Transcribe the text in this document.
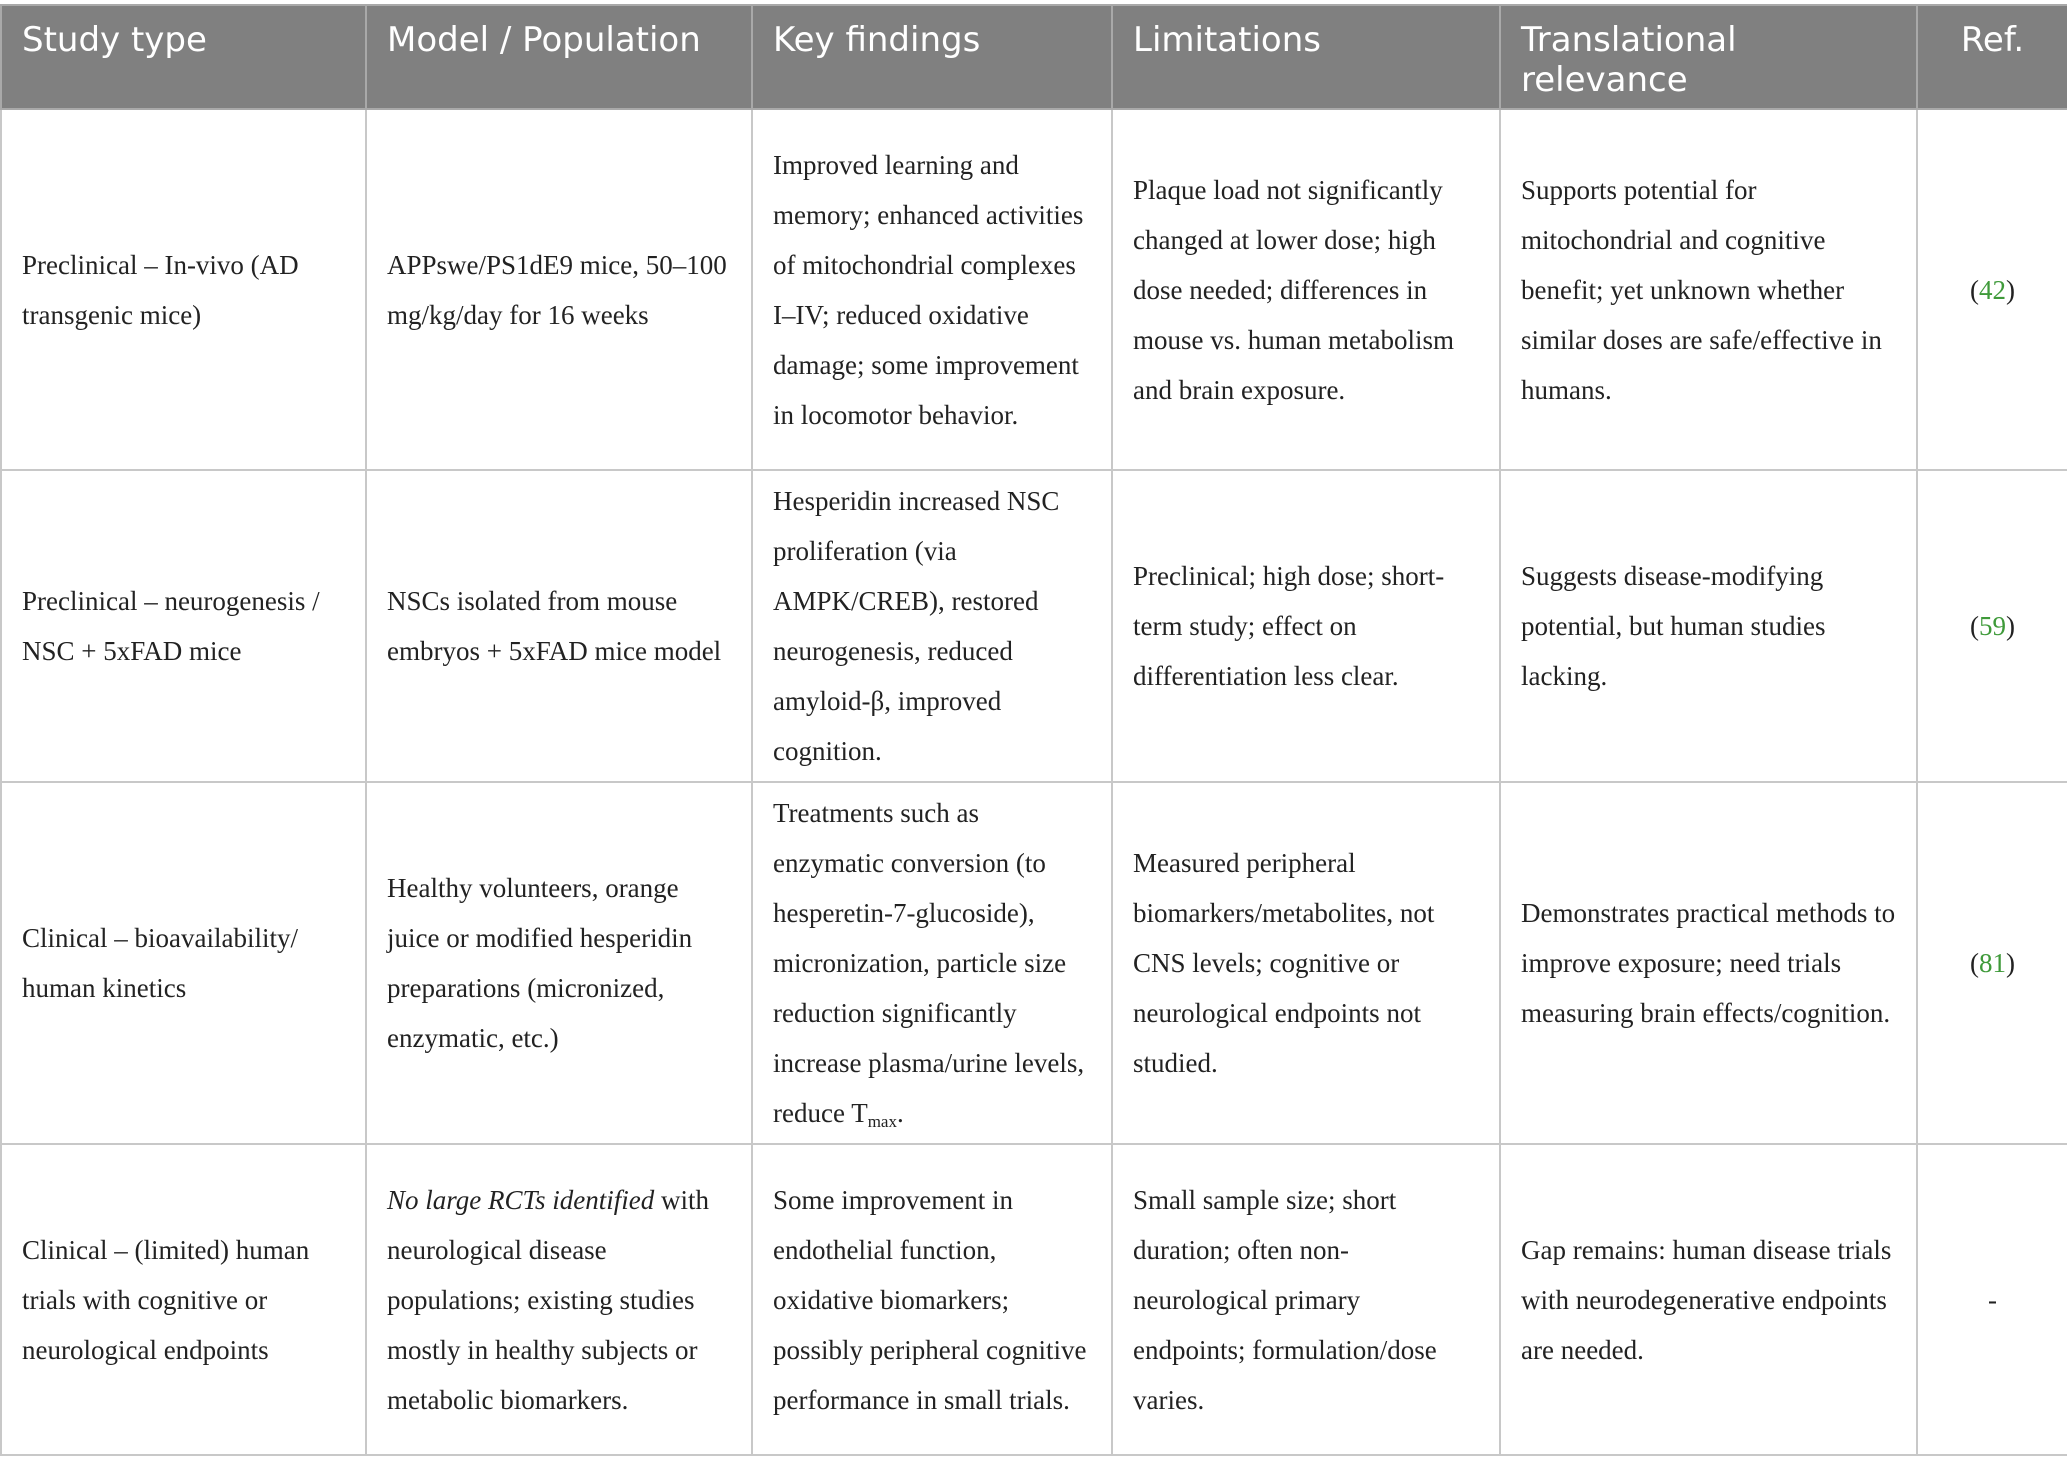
Study type	Model / Population	Key findings	Limitations	Translational relevance	Ref.
Preclinical – In-vivo (AD transgenic mice)	APPswe/PS1dE9 mice, 50–100 mg/kg/day for 16 weeks	Improved learning and memory; enhanced activities of mitochondrial complexes I–IV; reduced oxidative damage; some improvement in locomotor behavior.	Plaque load not significantly changed at lower dose; high dose needed; differences in mouse vs. human metabolism and brain exposure.	Supports potential for mitochondrial and cognitive benefit; yet unknown whether similar doses are safe/effective in humans.	(42)
Preclinical – neurogenesis / NSC + 5xFAD mice	NSCs isolated from mouse embryos + 5xFAD mice model	Hesperidin increased NSC proliferation (via AMPK/CREB), restored neurogenesis, reduced amyloid-β, improved cognition.	Preclinical; high dose; short-term study; effect on differentiation less clear.	Suggests disease-modifying potential, but human studies lacking.	(59)
Clinical – bioavailability/ human kinetics	Healthy volunteers, orange juice or modified hesperidin preparations (micronized, enzymatic, etc.)	Treatments such as enzymatic conversion (to hesperetin-7-glucoside), micronization, particle size reduction significantly increase plasma/urine levels, reduce $T_{max}$.	Measured peripheral biomarkers/metabolites, not CNS levels; cognitive or neurological endpoints not studied.	Demonstrates practical methods to improve exposure; need trials measuring brain effects/cognition.	(81)
Clinical – (limited) human trials with cognitive or neurological endpoints	No large RCTs identified with neurological disease populations; existing studies mostly in healthy subjects or metabolic biomarkers.	Some improvement in endothelial function, oxidative biomarkers; possibly peripheral cognitive performance in small trials.	Small sample size; short duration; often non-neurological primary endpoints; formulation/dose varies.	Gap remains: human disease trials with neurodegenerative endpoints are needed.	-
